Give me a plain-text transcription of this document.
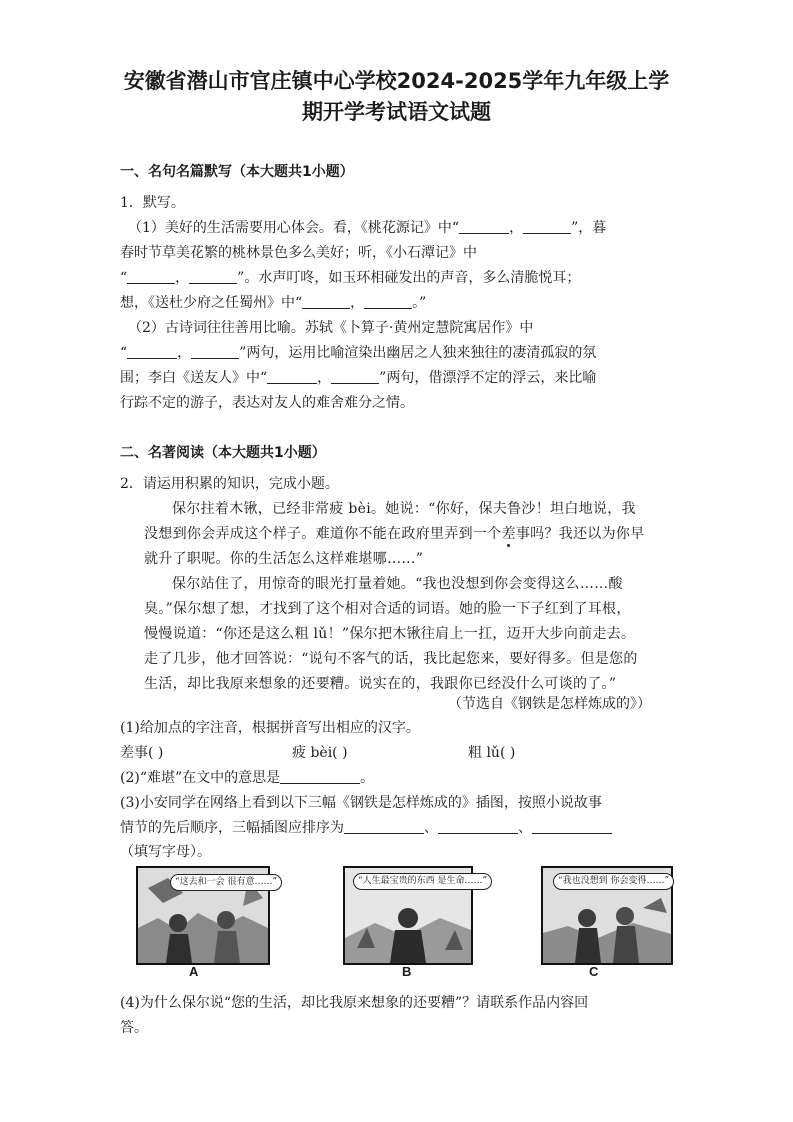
安徽省潜山市官庄镇中心学校2024-2025学年九年级上学
期开学考试语文试题
一、名句名篇默写（本大题共1小题）
1．默写。
（1）美好的生活需要用心体会。看，《桃花源记》中“	，	”，暮
春时节草美花繁的桃林景色多么美好；听，《小石潭记》中
“	，	”。水声叮咚，如玉环相碰发出的声音，多么清脆悦耳；
想，《送杜少府之任蜀州》中“	，	。”
（2）古诗词往往善用比喻。苏轼《卜算子·黄州定慧院寓居作》中
“	，	”两句，运用比喻渲染出幽居之人独来独往的凄清孤寂的氛
围；李白《送友人》中“	，	”两句，借漂浮不定的浮云，来比喻
行踪不定的游子，表达对友人的难舍难分之情。
二、名著阅读（本大题共1小题）
2．请运用积累的知识，完成小题。
保尔拄着木锹，已经非常疲 bèi。她说：“你好，保夫鲁沙！坦白地说，我
没想到你会弄成这个样子。难道你不能在政府里弄到一个差事吗？我还以为你早
就升了职呢。你的生活怎么这样难堪哪……”
保尔站住了，用惊奇的眼光打量着她。“我也没想到你会变得这么……酸
臭。”保尔想了想，才找到了这个相对合适的词语。她的脸一下子红到了耳根，
慢慢说道：“你还是这么粗 lǔ！”保尔把木锹往肩上一扛，迈开大步向前走去。
走了几步，他才回答说：“说句不客气的话，我比起您来，要好得多。但是您的
生活，却比我原来想象的还要糟。说实在的，我跟你已经没什么可谈的了。”
（节选自《钢铁是怎样炼成的》）
(1)给加点的字注音，根据拼音写出相应的汉字。
差事( )	疲 bèi( )	粗 lǔ( )
(2)“难堪”在文中的意思是	。
(3)小安同学在网络上看到以下三幅《钢铁是怎样炼成的》插图，按照小说故事
情节的先后顺序，三幅插图应排序为	、	、
（填写字母）。
“这去和一会 很有意……”
A
“人生最宝贵的东西 是生命……”
B
“我也没想到 你会变得……”
C
(4)为什么保尔说“您的生活，却比我原来想象的还要糟”？请联系作品内容回
答。
